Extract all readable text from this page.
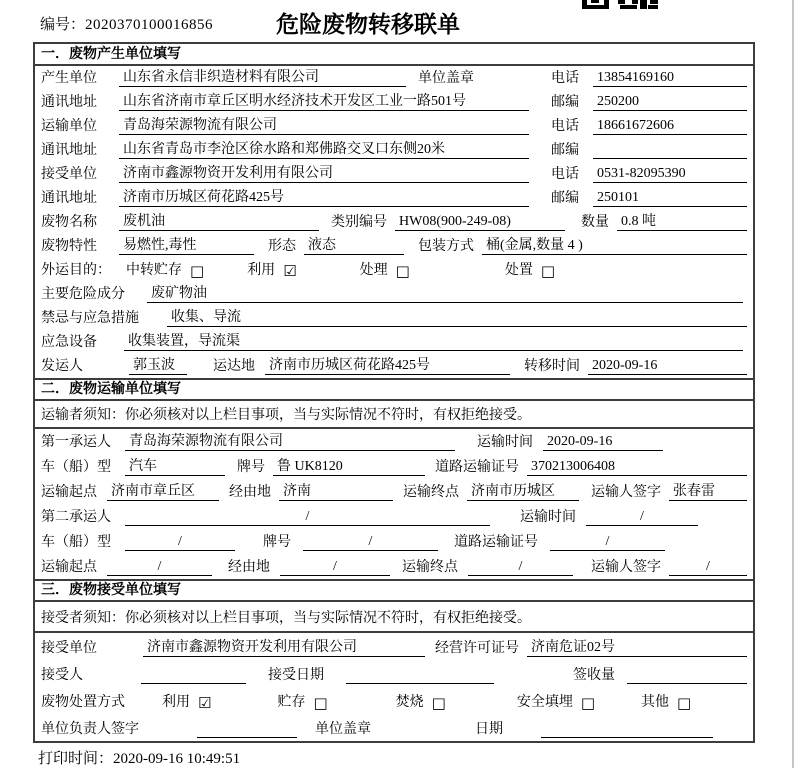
编号：2020370100016856	危险废物转移联单
一．废物产生单位填写
产生单位 山东省永信非织造材料有限公司	单位盖章	电话 13854169160
通讯地址 山东省济南市章丘区明水经济技术开发区工业一路501号	邮编 250200
运输单位 青岛海荣源物流有限公司	电话 18661672606
通讯地址 山东省青岛市李沧区徐水路和郑佛路交叉口东侧20米	邮编
接受单位 济南市鑫源物资开发利用有限公司	电话 0531-82095390
通讯地址 济南市历城区荷花路425号	邮编 250101
废物名称 废机油	类别编号 HW08(900-249-08)	数量 0.8 吨
废物特性 易燃性,毒性	形态 液态	包装方式 桶(金属,数量 4 )
外运目的： 中转贮存 □	利用 ☑	处理 □	处置 □
主要危险成分 废矿物油
禁忌与应急措施 收集、导流
应急设备 收集装置，导流渠
发运人	郭玉波	运达地 济南市历城区荷花路425号	转移时间 2020-09-16
二．废物运输单位填写
运输者须知：你必须核对以上栏目事项，当与实际情况不符时，有权拒绝接受。
第一承运人 青岛海荣源物流有限公司	运输时间 2020-09-16
车（船）型 汽车	牌号 鲁 UK8120	道路运输证号 370213006408
运输起点 济南市章丘区	经由地 济南	运输终点 济南市历城区	运输人签字 张春雷
第二承运人	/	运输时间	/
车（船）型	/	牌号	/	道路运输证号	/
运输起点	/	经由地	/	运输终点	/	运输人签字	/
三．废物接受单位填写
接受者须知：你必须核对以上栏目事项，当与实际情况不符时，有权拒绝接受。
接受单位	济南市鑫源物资开发利用有限公司	经营许可证号 济南危证02号
接受人	接受日期	签收量
废物处置方式	利用 ☑	贮存 □	焚烧 □	安全填埋 □	其他 □
单位负责人签字	单位盖章	日期
打印时间：2020-09-16 10:49:51
